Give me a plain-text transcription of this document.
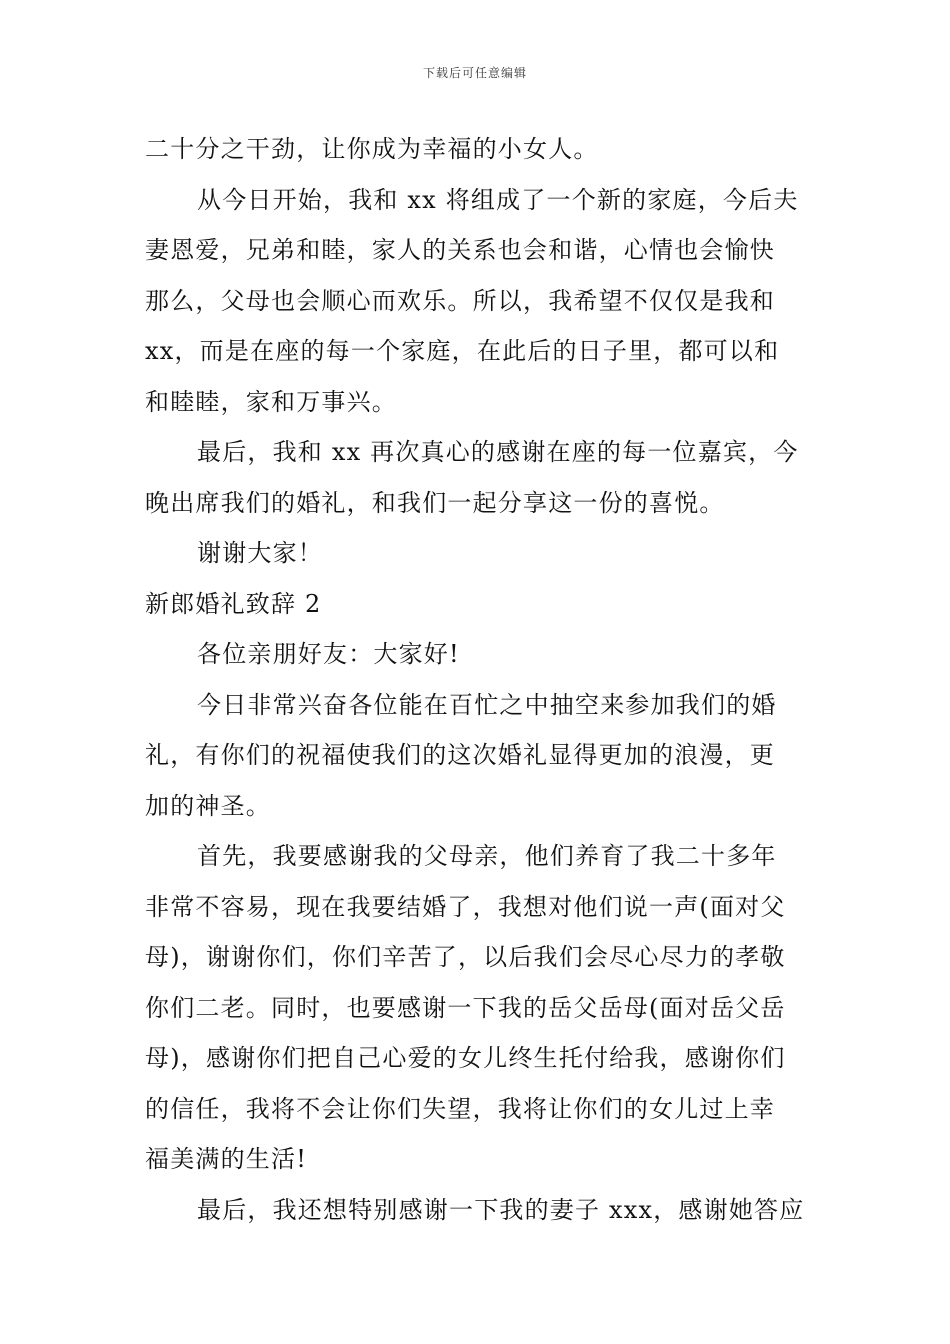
下载后可任意编辑
二十分之干劲，让你成为幸福的小女人。
从今日开始，我和 xx 将组成了一个新的家庭，今后夫
妻恩爱，兄弟和睦，家人的关系也会和谐，心情也会愉快
那么，父母也会顺心而欢乐。所以，我希望不仅仅是我和
xx，而是在座的每一个家庭，在此后的日子里，都可以和
和睦睦，家和万事兴。
最后，我和 xx 再次真心的感谢在座的每一位嘉宾，今
晚出席我们的婚礼，和我们一起分享这一份的喜悦。
谢谢大家！
新郎婚礼致辞 2
各位亲朋好友：大家好!
今日非常兴奋各位能在百忙之中抽空来参加我们的婚
礼，有你们的祝福使我们的这次婚礼显得更加的浪漫，更
加的神圣。
首先，我要感谢我的父母亲，他们养育了我二十多年
非常不容易，现在我要结婚了，我想对他们说一声(面对父
母)，谢谢你们，你们辛苦了，以后我们会尽心尽力的孝敬
你们二老。同时，也要感谢一下我的岳父岳母(面对岳父岳
母)，感谢你们把自己心爱的女儿终生托付给我，感谢你们
的信任，我将不会让你们失望，我将让你们的女儿过上幸
福美满的生活!
最后，我还想特别感谢一下我的妻子 xxx，感谢她答应
